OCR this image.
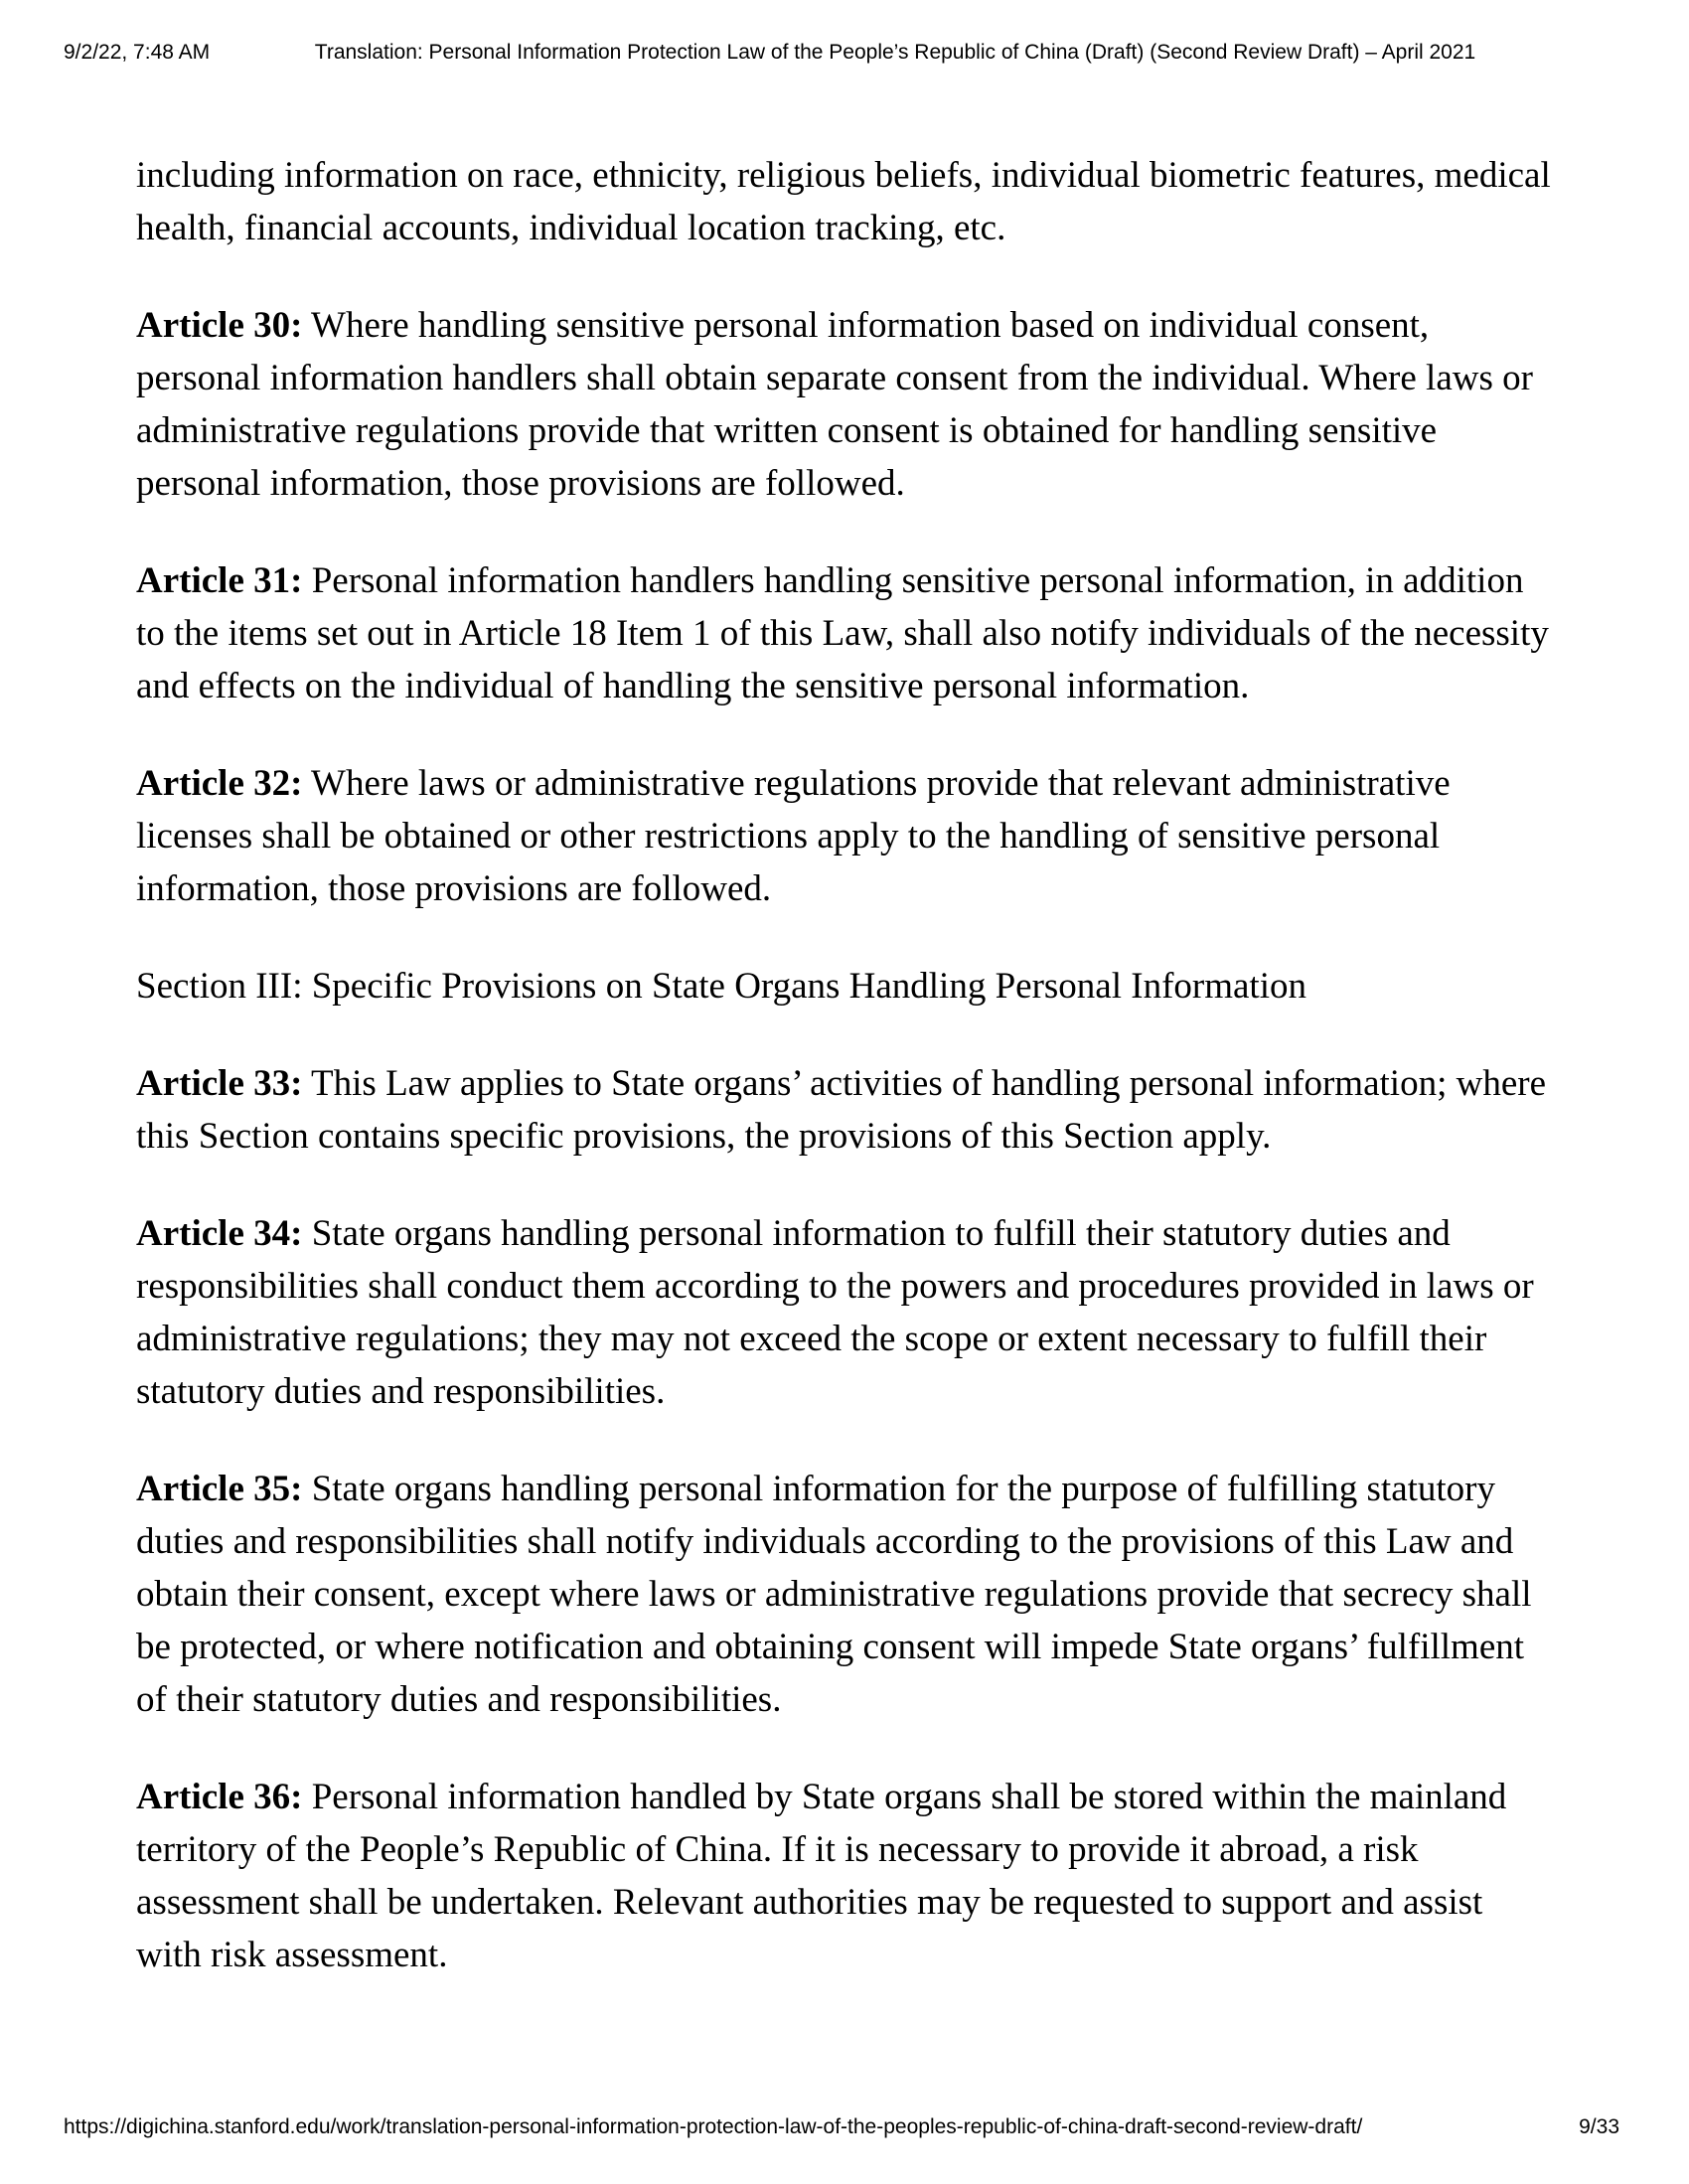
9/2/22, 7:48 AM	Translation: Personal Information Protection Law of the People’s Republic of China (Draft) (Second Review Draft) – April 2021

including information on race, ethnicity, religious beliefs, individual biometric features, medical health, financial accounts, individual location tracking, etc.

Article 30: Where handling sensitive personal information based on individual consent, personal information handlers shall obtain separate consent from the individual. Where laws or administrative regulations provide that written consent is obtained for handling sensitive personal information, those provisions are followed.

Article 31: Personal information handlers handling sensitive personal information, in addition to the items set out in Article 18 Item 1 of this Law, shall also notify individuals of the necessity and effects on the individual of handling the sensitive personal information.

Article 32: Where laws or administrative regulations provide that relevant administrative licenses shall be obtained or other restrictions apply to the handling of sensitive personal information, those provisions are followed.

Section III: Specific Provisions on State Organs Handling Personal Information

Article 33: This Law applies to State organs’ activities of handling personal information; where this Section contains specific provisions, the provisions of this Section apply.

Article 34: State organs handling personal information to fulfill their statutory duties and responsibilities shall conduct them according to the powers and procedures provided in laws or administrative regulations; they may not exceed the scope or extent necessary to fulfill their statutory duties and responsibilities.

Article 35: State organs handling personal information for the purpose of fulfilling statutory duties and responsibilities shall notify individuals according to the provisions of this Law and obtain their consent, except where laws or administrative regulations provide that secrecy shall be protected, or where notification and obtaining consent will impede State organs’ fulfillment of their statutory duties and responsibilities.

Article 36: Personal information handled by State organs shall be stored within the mainland territory of the People’s Republic of China. If it is necessary to provide it abroad, a risk assessment shall be undertaken. Relevant authorities may be requested to support and assist with risk assessment.

https://digichina.stanford.edu/work/translation-personal-information-protection-law-of-the-peoples-republic-of-china-draft-second-review-draft/	9/33
